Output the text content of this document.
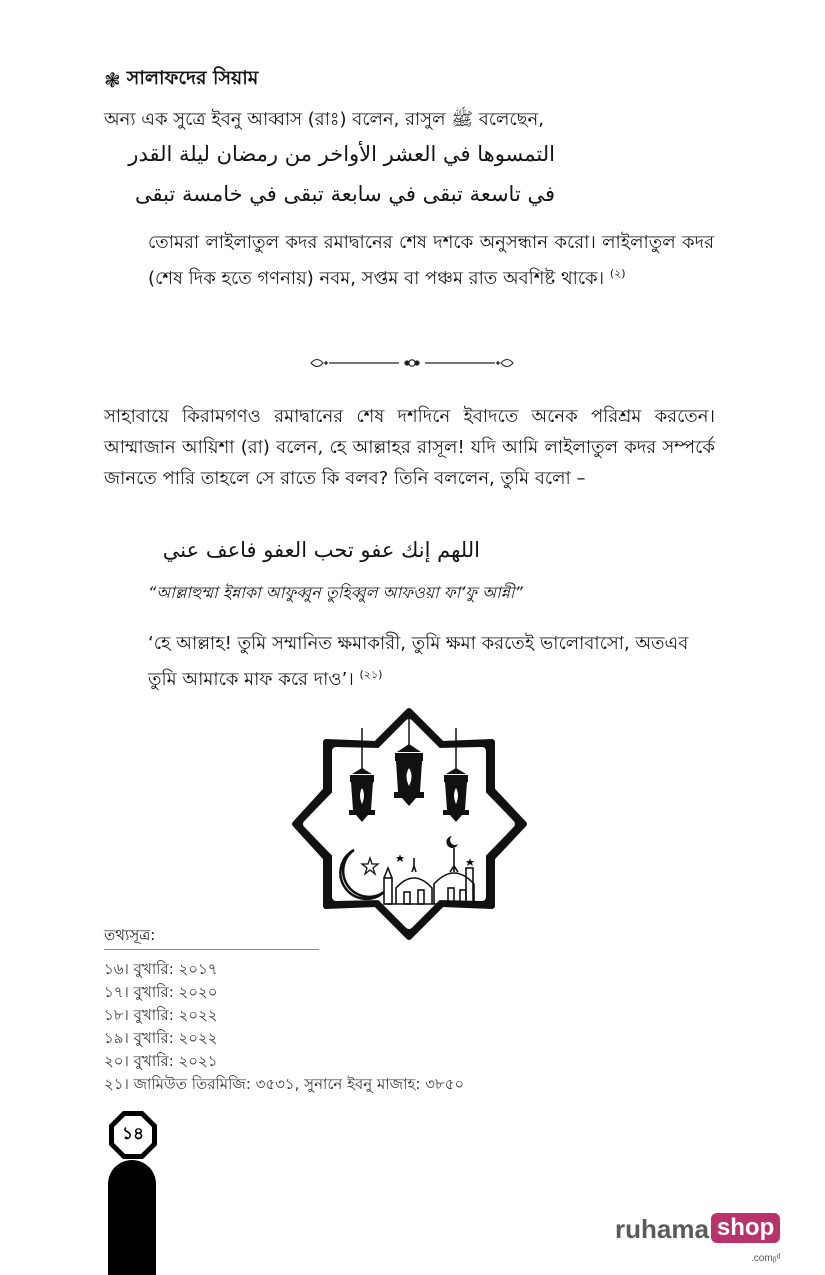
❃ সালাফদের সিয়াম
অন্য এক সুত্রে ইবনু আব্বাস (রাঃ) বলেন, রাসুল ﷺ বলেছেন,
التمسوها في العشر الأواخر من رمضان ليلة القدر
في تاسعة تبقى في سابعة تبقى في خامسة تبقى
তোমরা লাইলাতুল কদর রমাদ্বানের শেষ দশকে অনুসন্ধান করো। লাইলাতুল কদর (শেষ দিক হতে গণনায়) নবম, সপ্তম বা পঞ্চম রাত অবশিষ্ট থাকে। $^{(২)}$
সাহাবায়ে কিরামগণও রমাদ্বানের শেষ দশদিনে ইবাদতে অনেক পরিশ্রম করতেন। আম্মাজান আয়িশা (রা) বলেন, হে আল্লাহর রাসূল! যদি আমি লাইলাতুল কদর সম্পর্কে জানতে পারি তাহলে সে রাতে কি বলব? তিনি বললেন, তুমি বলো –
اللهم إنك عفو تحب العفو فاعف عني
“আল্লাহুম্মা ইন্নাকা আফুব্বুন তুহিব্বুল আফওয়া ফা’ফু আন্নী”
‘হে আল্লাহ! তুমি সম্মানিত ক্ষমাকারী, তুমি ক্ষমা করতেই ভালোবাসো, অতএব তুমি আমাকে মাফ করে দাও’। $^{(২১)}$
তথ্যসূত্র:
১৬। বুখারি: ২০১৭
১৭। বুখারি: ২০২০
১৮। বুখারি: ২০২২
১৯। বুখারি: ২০২২
২০। বুখারি: ২০২১
২১। জামিউত তিরমিজি: ৩৫৩১, সুনানে ইবনু মাজাহ: ৩৮৫০
১৪
ruhama shop
.comᵦᵈ
